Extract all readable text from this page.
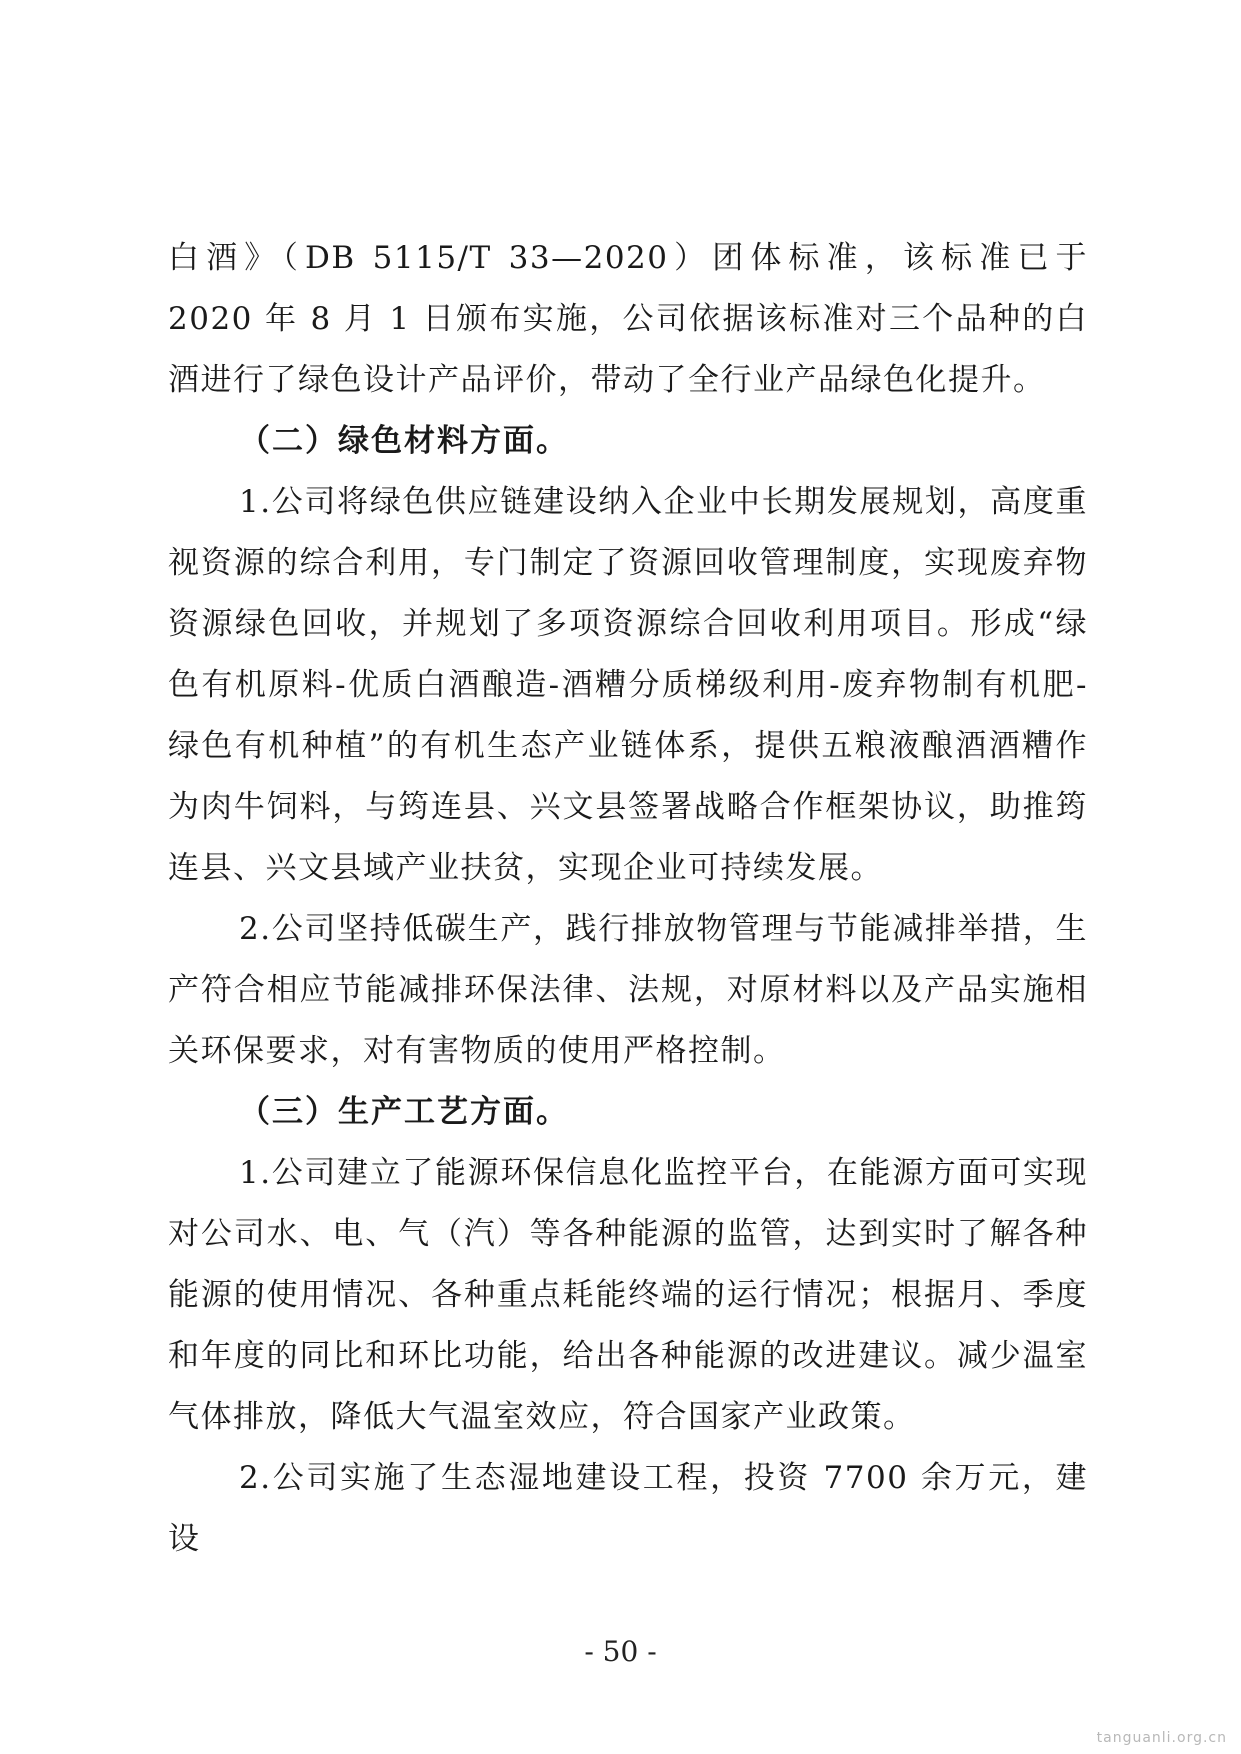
白酒》（DB 5115/T 33—2020）团体标准，该标准已于 2020 年 8 月 1 日颁布实施，公司依据该标准对三个品种的白酒进行了绿色设计产品评价，带动了全行业产品绿色化提升。

（二）绿色材料方面。

1.公司将绿色供应链建设纳入企业中长期发展规划，高度重视资源的综合利用，专门制定了资源回收管理制度，实现废弃物资源绿色回收，并规划了多项资源综合回收利用项目。形成“绿色有机原料-优质白酒酿造-酒糟分质梯级利用-废弃物制有机肥-绿色有机种植”的有机生态产业链体系，提供五粮液酿酒酒糟作为肉牛饲料，与筠连县、兴文县签署战略合作框架协议，助推筠连县、兴文县域产业扶贫，实现企业可持续发展。

2.公司坚持低碳生产，践行排放物管理与节能减排举措，生产符合相应节能减排环保法律、法规，对原材料以及产品实施相关环保要求，对有害物质的使用严格控制。

（三）生产工艺方面。

1.公司建立了能源环保信息化监控平台，在能源方面可实现对公司水、电、气（汽）等各种能源的监管，达到实时了解各种能源的使用情况、各种重点耗能终端的运行情况；根据月、季度和年度的同比和环比功能，给出各种能源的改进建议。减少温室气体排放，降低大气温室效应，符合国家产业政策。

2.公司实施了生态湿地建设工程，投资 7700 余万元，建设

- 50 -
tanguanli.org.cn
